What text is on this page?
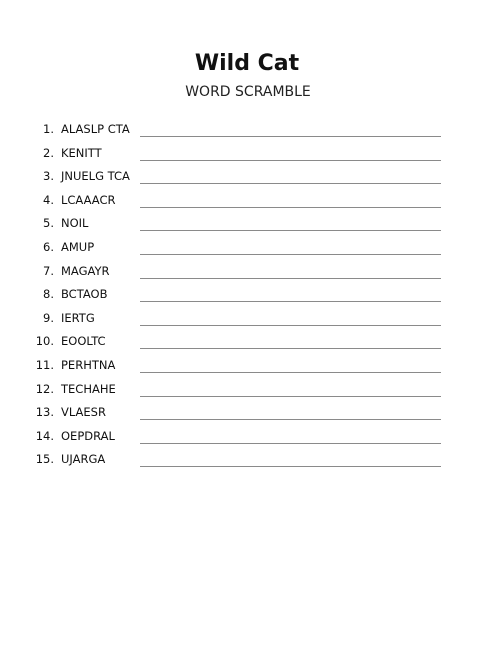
Wild Cat
WORD SCRAMBLE
1. ALASLP CTA
2. KENITT
3. JNUELG TCA
4. LCAAACR
5. NOIL
6. AMUP
7. MAGAYR
8. BCTAOB
9. IERTG
10. EOOLTC
11. PERHTNA
12. TECHAHE
13. VLAESR
14. OEPDRAL
15. UJARGA
